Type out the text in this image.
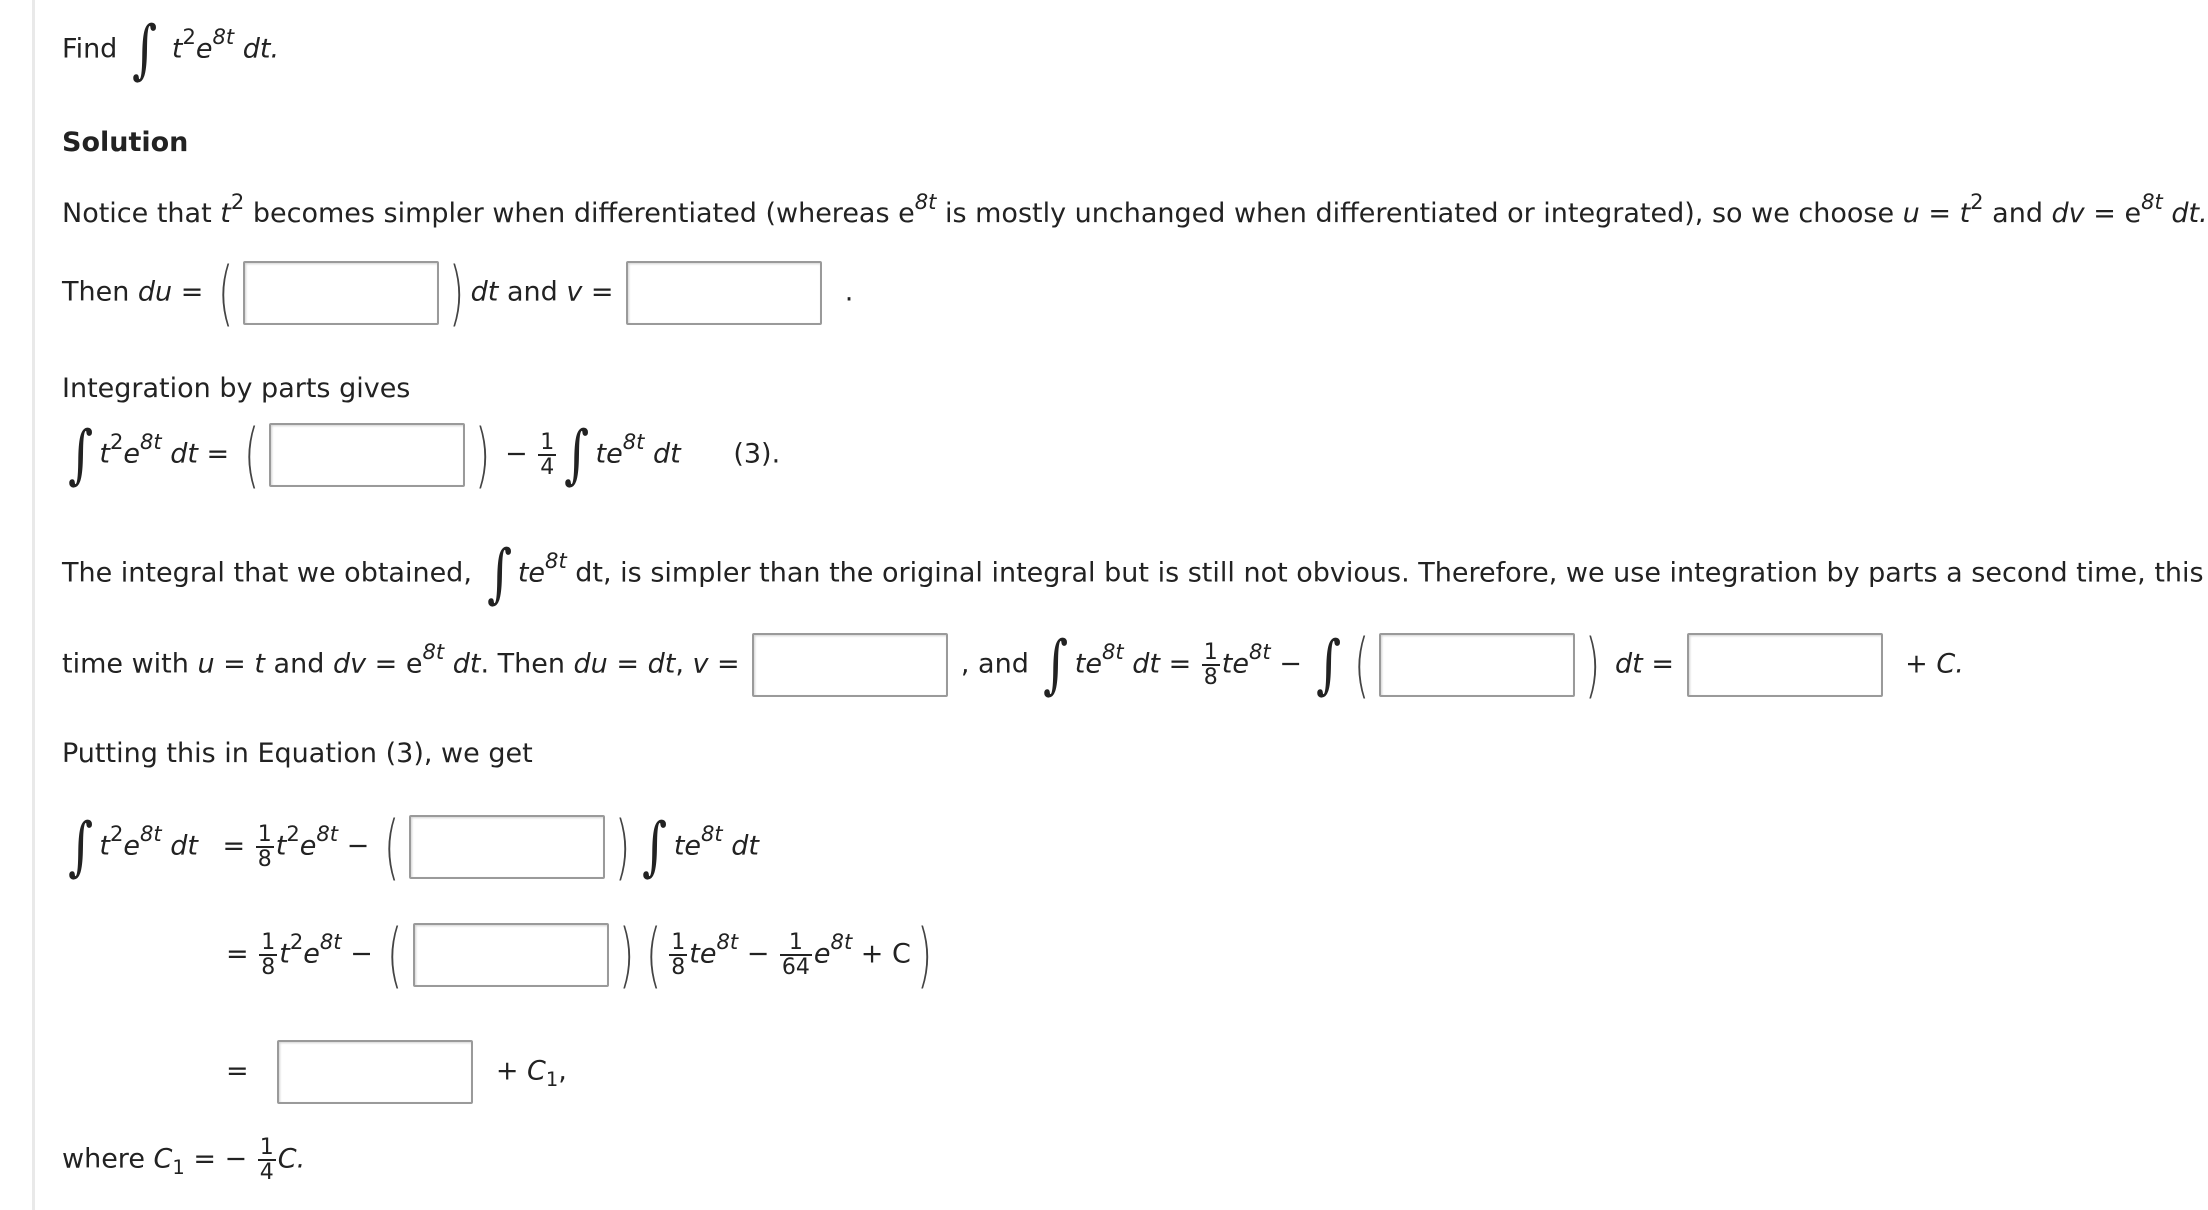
Find ∫ $t^2e^{8t}$ dt.
Solution
Notice that $t^2$ becomes simpler when differentiated (whereas $e^{8t}$ is mostly unchanged when differentiated or integrated), so we choose $u = t^2$ and dv = $e^{8t}$ dt.
Then du = (	) dt and v =	.
Integration by parts gives
∫ $t^2e^{8t}$ dt = (	) − $\frac{1}{4}$ ∫ $te^{8t}$ dt (3).
The integral that we obtained, ∫ $te^{8t}$ dt, is simpler than the original integral but is still not obvious. Therefore, we use integration by parts a second time, this
time with u = t and dv = $e^{8t}$ dt. Then du = dt, v =	, and ∫ $te^{8t}$ dt = $\frac{1}{8} te^{8t}$ − ∫ (	) dt =	+ C.
Putting this in Equation (3), we get
∫ $t^2e^{8t}$ dt = $\frac{1}{8} t^2e^{8t}$ − (	) ∫ $te^{8t}$ dt
= $\frac{1}{8} t^2e^{8t}$ − (	) ( $\frac{1}{8} te^{8t} - \frac{1}{64} e^{8t} + C$)
=	+ $C_1$,
where $C_1$ = − $\frac{1}{4} C$.
